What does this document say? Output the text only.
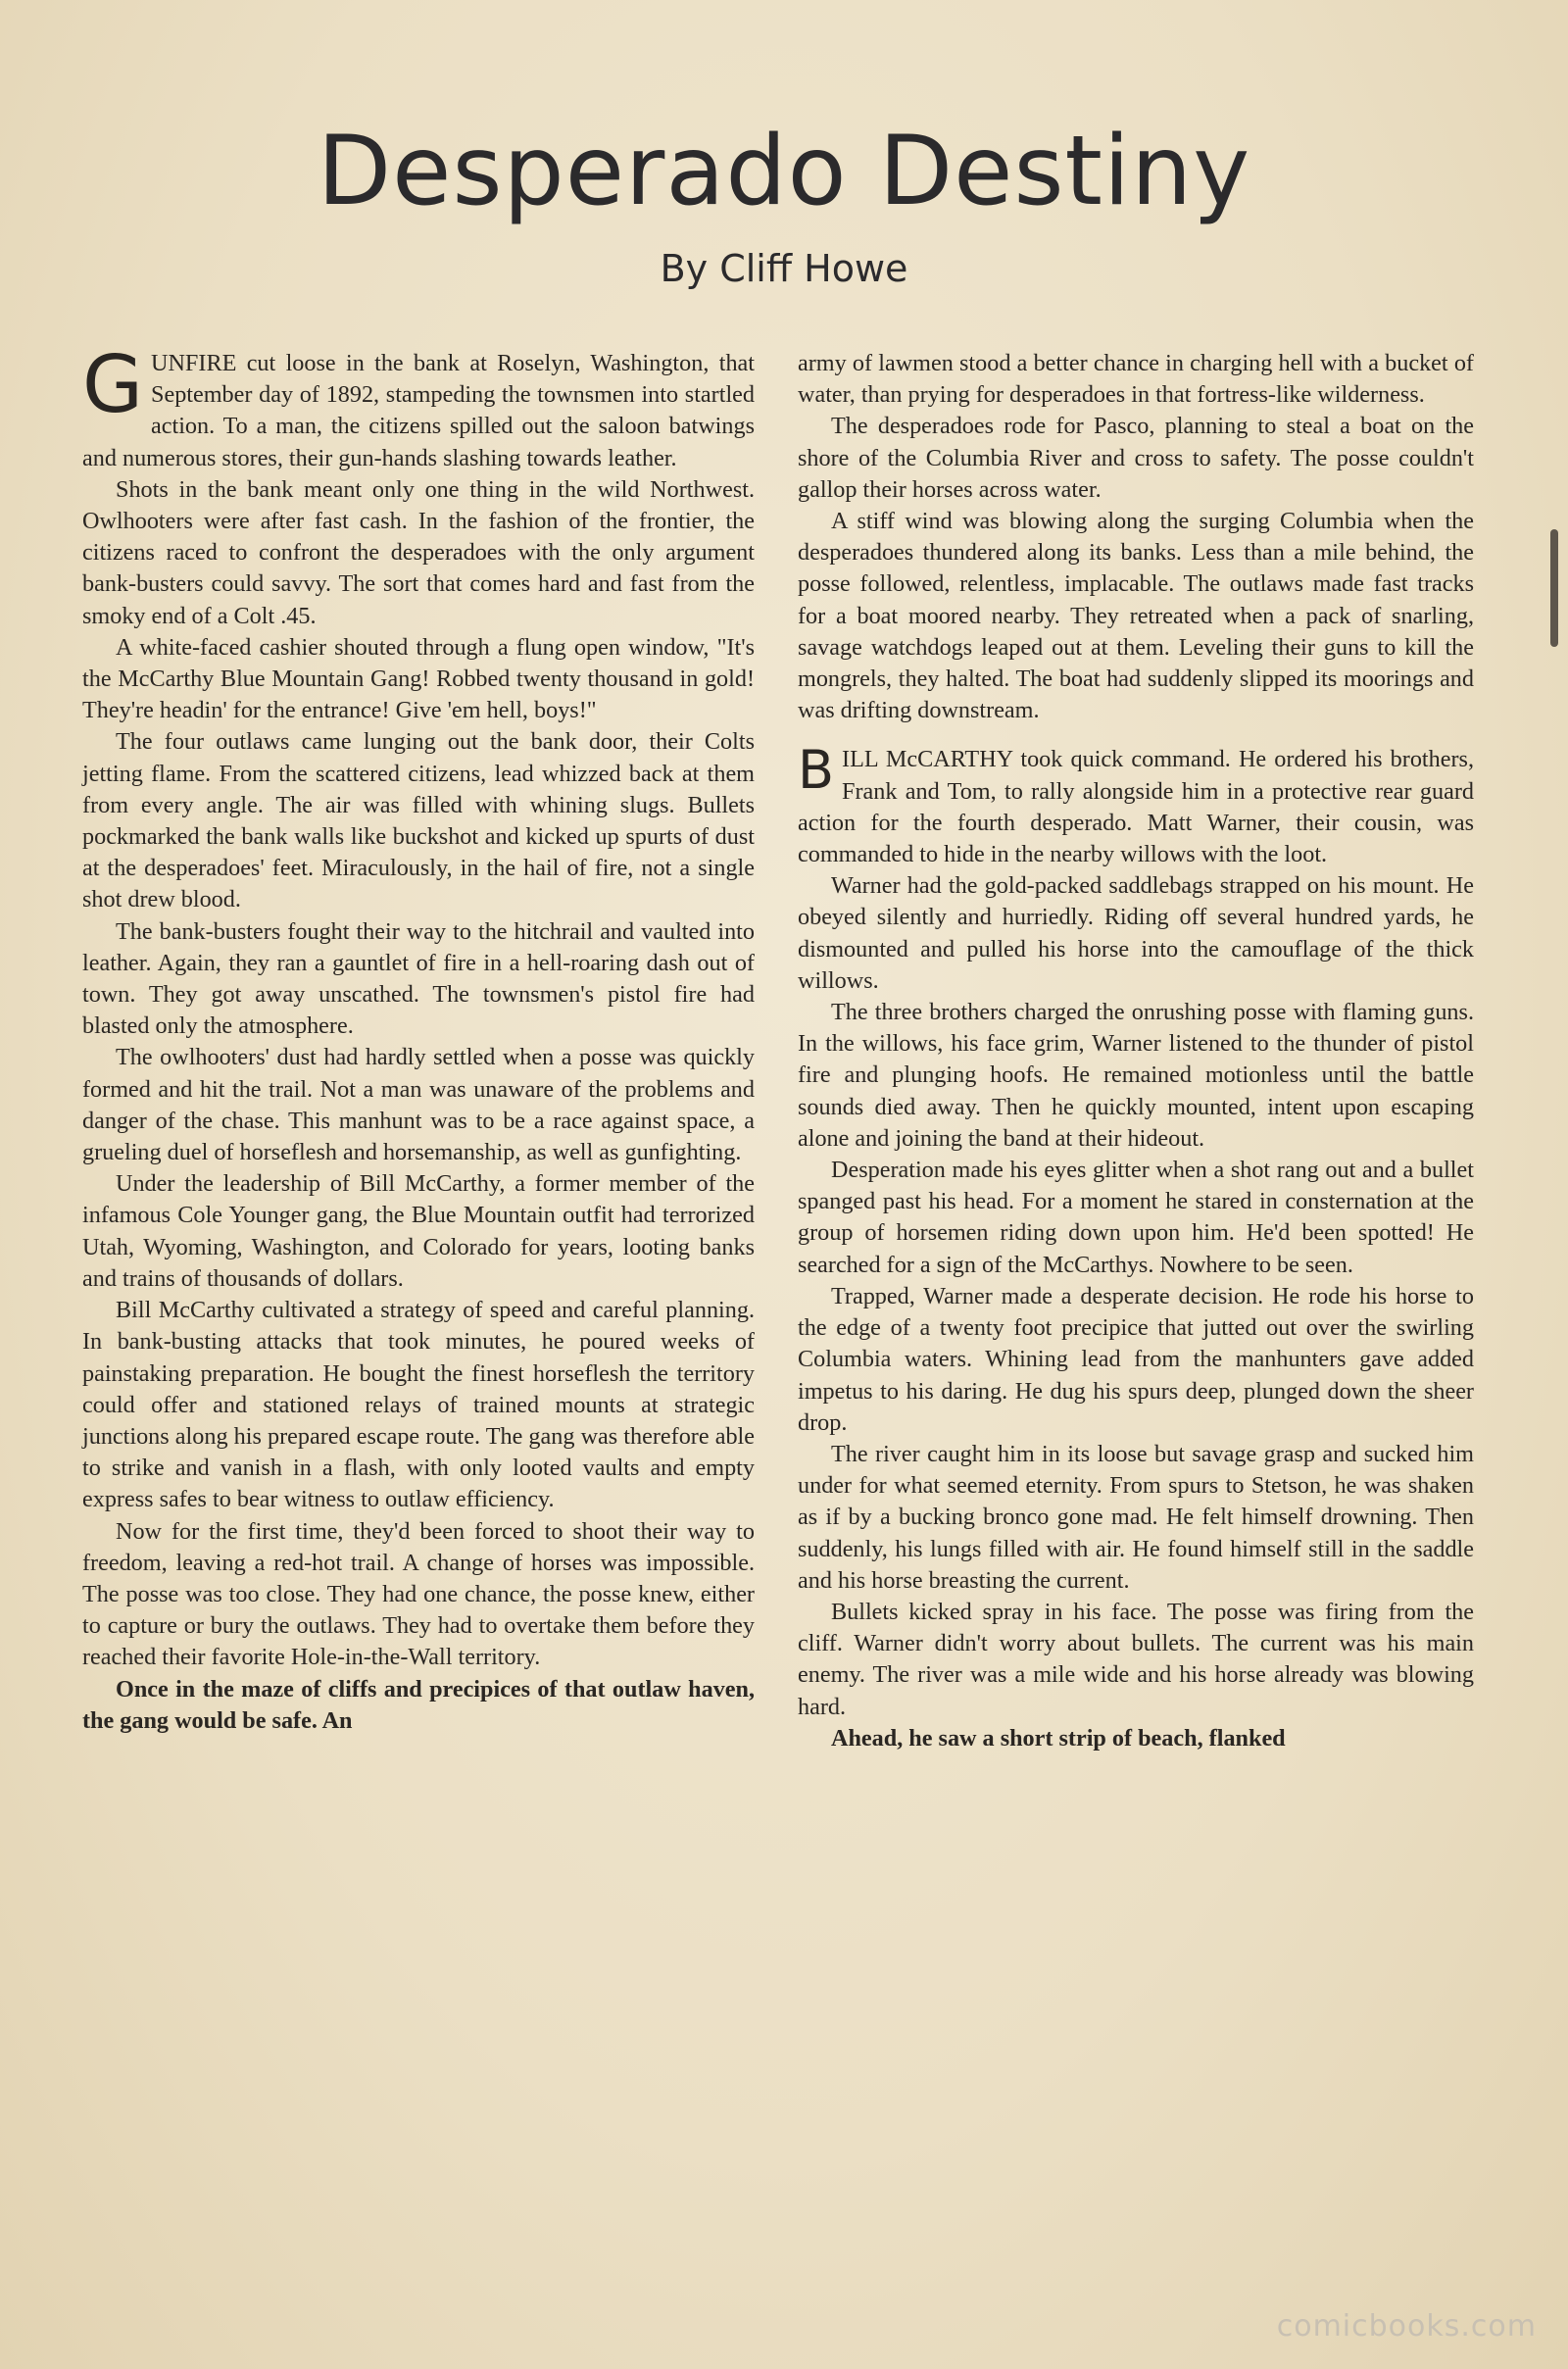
Desperado Destiny
By Cliff Howe

GUNFIRE cut loose in the bank at Roselyn, Washington, that September day of 1892, stampeding the townsmen into startled action. To a man, the citizens spilled out the saloon batwings and numerous stores, their gun-hands slashing towards leather.

Shots in the bank meant only one thing in the wild Northwest. Owlhooters were after fast cash. In the fashion of the frontier, the citizens raced to confront the desperadoes with the only argument bank-busters could savvy. The sort that comes hard and fast from the smoky end of a Colt .45.

A white-faced cashier shouted through a flung open window, "It's the McCarthy Blue Mountain Gang! Robbed twenty thousand in gold! They're headin' for the entrance! Give 'em hell, boys!"

The four outlaws came lunging out the bank door, their Colts jetting flame. From the scattered citizens, lead whizzed back at them from every angle. The air was filled with whining slugs. Bullets pockmarked the bank walls like buckshot and kicked up spurts of dust at the desperadoes' feet. Miraculously, in the hail of fire, not a single shot drew blood.

The bank-busters fought their way to the hitchrail and vaulted into leather. Again, they ran a gauntlet of fire in a hell-roaring dash out of town. They got away unscathed. The townsmen's pistol fire had blasted only the atmosphere.

The owlhooters' dust had hardly settled when a posse was quickly formed and hit the trail. Not a man was unaware of the problems and danger of the chase. This manhunt was to be a race against space, a grueling duel of horseflesh and horsemanship, as well as gunfighting.

Under the leadership of Bill McCarthy, a former member of the infamous Cole Younger gang, the Blue Mountain outfit had terrorized Utah, Wyoming, Washington, and Colorado for years, looting banks and trains of thousands of dollars.

Bill McCarthy cultivated a strategy of speed and careful planning. In bank-busting attacks that took minutes, he poured weeks of painstaking preparation. He bought the finest horseflesh the territory could offer and stationed relays of trained mounts at strategic junctions along his prepared escape route. The gang was therefore able to strike and vanish in a flash, with only looted vaults and empty express safes to bear witness to outlaw efficiency.

Now for the first time, they'd been forced to shoot their way to freedom, leaving a red-hot trail. A change of horses was impossible. The posse was too close. They had one chance, the posse knew, either to capture or bury the outlaws. They had to overtake them before they reached their favorite Hole-in-the-Wall territory.

Once in the maze of cliffs and precipices of that outlaw haven, the gang would be safe. An

army of lawmen stood a better chance in charging hell with a bucket of water, than prying for desperadoes in that fortress-like wilderness.

The desperadoes rode for Pasco, planning to steal a boat on the shore of the Columbia River and cross to safety. The posse couldn't gallop their horses across water.

A stiff wind was blowing along the surging Columbia when the desperadoes thundered along its banks. Less than a mile behind, the posse followed, relentless, implacable. The outlaws made fast tracks for a boat moored nearby. They retreated when a pack of snarling, savage watchdogs leaped out at them. Leveling their guns to kill the mongrels, they halted. The boat had suddenly slipped its moorings and was drifting downstream.

BILL McCARTHY took quick command. He ordered his brothers, Frank and Tom, to rally alongside him in a protective rear guard action for the fourth desperado. Matt Warner, their cousin, was commanded to hide in the nearby willows with the loot.

Warner had the gold-packed saddlebags strapped on his mount. He obeyed silently and hurriedly. Riding off several hundred yards, he dismounted and pulled his horse into the camouflage of the thick willows.

The three brothers charged the onrushing posse with flaming guns. In the willows, his face grim, Warner listened to the thunder of pistol fire and plunging hoofs. He remained motionless until the battle sounds died away. Then he quickly mounted, intent upon escaping alone and joining the band at their hideout.

Desperation made his eyes glitter when a shot rang out and a bullet spanged past his head. For a moment he stared in consternation at the group of horsemen riding down upon him. He'd been spotted! He searched for a sign of the McCarthys. Nowhere to be seen.

Trapped, Warner made a desperate decision. He rode his horse to the edge of a twenty foot precipice that jutted out over the swirling Columbia waters. Whining lead from the manhunters gave added impetus to his daring. He dug his spurs deep, plunged down the sheer drop.

The river caught him in its loose but savage grasp and sucked him under for what seemed eternity. From spurs to Stetson, he was shaken as if by a bucking bronco gone mad. He felt himself drowning. Then suddenly, his lungs filled with air. He found himself still in the saddle and his horse breasting the current.

Bullets kicked spray in his face. The posse was firing from the cliff. Warner didn't worry about bullets. The current was his main enemy. The river was a mile wide and his horse already was blowing hard.

Ahead, he saw a short strip of beach, flanked

comicbooks.com
